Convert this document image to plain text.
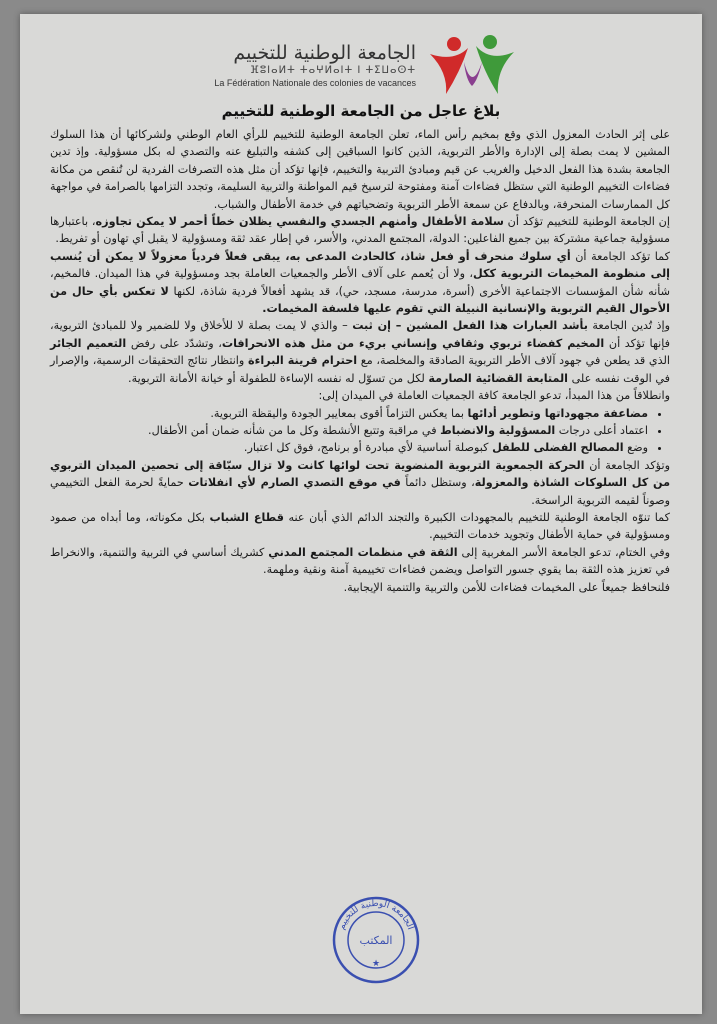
الجامعة الوطنية للتخييم
ⴼⵓⵏⴰⵍⵜ ⵜⴰⵖⵍⴰⵏⵜ ⵏ ⵜⵉⵡⴰⵙⵜ
La Fédération Nationale des colonies de vacances
بلاغ عاجل من الجامعة الوطنية للتخييم

على إثر الحادث المعزول الذي وقع بمخيم رأس الماء، تعلن الجامعة الوطنية للتخييم للرأي العام الوطني ولشركائها أن هذا السلوك المشين لا يمت بصلة إلى الإدارة والأطر التربوية، الذين كانوا السباقين إلى كشفه والتبليغ عنه والتصدي له بكل مسؤولية. وإذ تدين الجامعة بشدة هذا الفعل الدخيل والغريب عن قيم ومبادئ التربية والتخييم، فإنها تؤكد أن مثل هذه التصرفات الفردية لن تُنقص من مكانة فضاءات التخييم الوطنية التي ستظل فضاءات آمنة ومفتوحة لترسيخ قيم المواطنة والتربية السليمة، وتجدد التزامها بالصرامة في مواجهة كل الممارسات المنحرفة، وبالدفاع عن سمعة الأطر التربوية وتضحياتهم في خدمة الأطفال والشباب.

إن الجامعة الوطنية للتخييم تؤكد أن سلامة الأطفال وأمنهم الجسدي والنفسي يظلان خطاً أحمر لا يمكن تجاوزه، باعتبارها مسؤولية جماعية مشتركة بين جميع الفاعلين: الدولة، المجتمع المدني، والأسر، في إطار عقد ثقة ومسؤولية لا يقبل أي تهاون أو تفريط.

كما تؤكد الجامعة أن أي سلوك منحرف أو فعل شاذ، كالحادث المدعى به، يبقى فعلاً فردياً معزولاً لا يمكن أن يُنسب إلى منظومة المخيمات التربوية ككل، ولا أن يُعمم على آلاف الأطر والجمعيات العاملة بجد ومسؤولية في هذا الميدان. فالمخيم، شأنه شأن المؤسسات الاجتماعية الأخرى (أسرة، مدرسة، مسجد، حي)، قد يشهد أفعالاً فردية شاذة، لكنها لا تعكس بأي حال من الأحوال القيم التربوية والإنسانية النبيلة التي تقوم عليها فلسفة المخيمات.

وإذ تُدين الجامعة بأشد العبارات هذا الفعل المشين – إن ثبت – والذي لا يمت بصلة لا للأخلاق ولا للضمير ولا للمبادئ التربوية، فإنها تؤكد أن المخيم كفضاء تربوي وثقافي وإنساني بريء من مثل هذه الانحرافات، وتشدّد على رفض التعميم الجائر الذي قد يطعن في جهود آلاف الأطر التربوية الصادقة والمخلصة، مع احترام قرينة البراءة وانتظار نتائج التحقيقات الرسمية، والإصرار في الوقت نفسه على المتابعة القضائية الصارمة لكل من تسوّل له نفسه الإساءة للطفولة أو خيانة الأمانة التربوية.

وانطلاقاً من هذا المبدأ، تدعو الجامعة كافة الجمعيات العاملة في الميدان إلى:

• مضاعفة مجهوداتها وتطوير أدائها بما يعكس التزاماً أقوى بمعايير الجودة واليقظة التربوية.
• اعتماد أعلى درجات المسؤولية والانضباط في مراقبة وتتبع الأنشطة وكل ما من شأنه ضمان أمن الأطفال.
• وضع المصالح الفضلى للطفل كبوصلة أساسية لأي مبادرة أو برنامج، فوق كل اعتبار.

وتؤكد الجامعة أن الحركة الجمعوية التربوية المنضوية تحت لوائها كانت ولا تزال سبّاقة إلى تحصين الميدان التربوي من كل السلوكات الشاذة والمعزولة، وستظل دائماً في موقع التصدي الصارم لأي انفلاتات حمايةً لحرمة الفعل التخييمي وصوناً لقيمه التربوية الراسخة.

كما تنوّه الجامعة الوطنية للتخييم بالمجهودات الكبيرة والتجند الدائم الذي أبان عنه قطاع الشباب بكل مكوناته، وما أبداه من صمود ومسؤولية في حماية الأطفال وتجويد خدمات التخييم.

وفي الختام، تدعو الجامعة الأسر المغربية إلى الثقة في منظمات المجتمع المدني كشريك أساسي في التربية والتنمية، والانخراط في تعزيز هذه الثقة بما يقوي جسور التواصل ويضمن فضاءات تخييمية آمنة ونقية وملهمة.

فلنحافظ جميعاً على المخيمات فضاءات للأمن والتربية والتنمية الإيجابية.

الجامعة الوطنية للتخييم
المكتب
★
